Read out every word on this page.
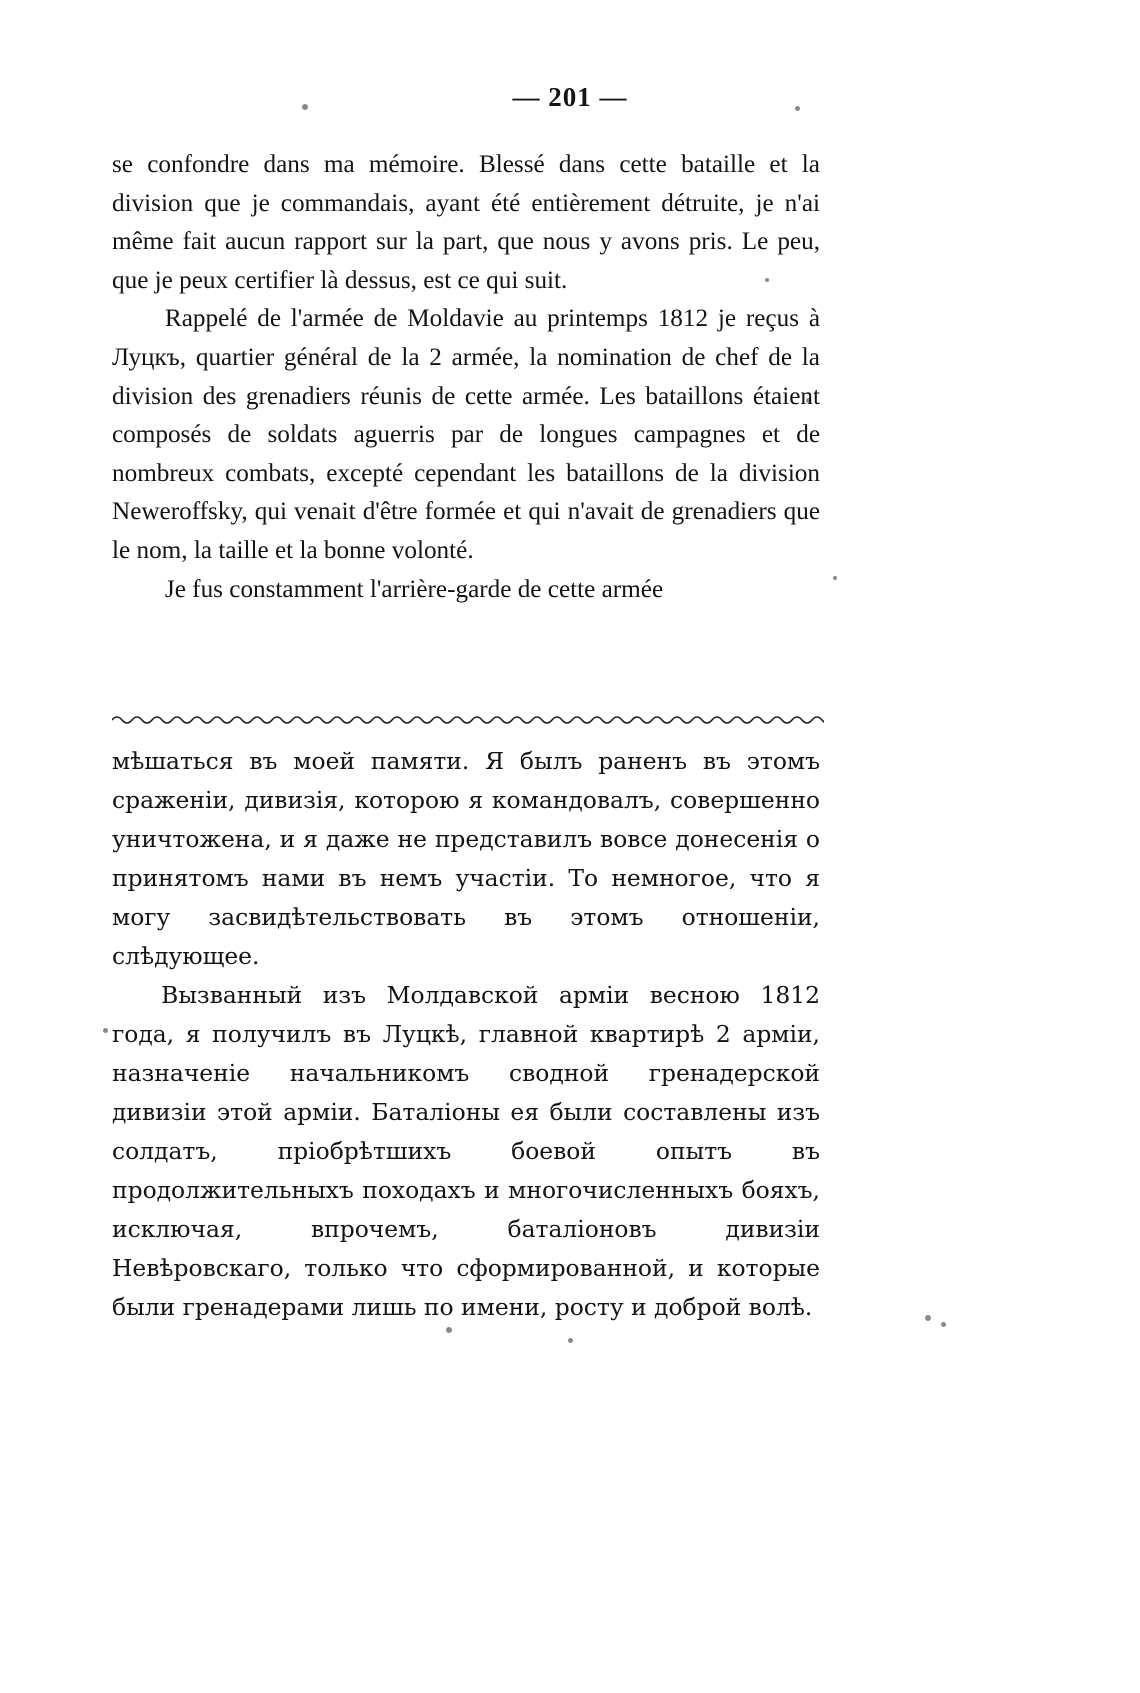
— 201 —

se confondre dans ma mémoire. Blessé dans cette bataille et la division que je commandais, ayant été entièrement détruite, je n'ai même fait aucun rapport sur la part, que nous y avons pris. Le peu, que je peux certifier là dessus, est ce qui suit.

Rappelé de l'armée de Moldavie au printemps 1812 je reçus à Луцкъ, quartier général de la 2 armée, la nomination de chef de la division des grenadiers réunis de cette armée. Les bataillons étaient composés de soldats aguerris par de longues campagnes et de nombreux combats, excepté cependant les bataillons de la division Neweroffsky, qui venait d'être formée et qui n'avait de grenadiers que le nom, la taille et la bonne volonté.

Je fus constamment l'arrière-garde de cette armée

мѣшаться въ моей памяти. Я былъ раненъ въ этомъ сраженіи, дивизія, которою я командовалъ, совершенно уничтожена, и я даже не представилъ вовсе донесенія о принятомъ нами въ немъ участіи. То немногое, что я могу засвидѣтельствовать въ этомъ отношеніи, слѣдующее.

Вызванный изъ Молдавской арміи весною 1812 года, я получилъ въ Луцкѣ, главной квартирѣ 2 арміи, назначеніе начальникомъ сводной гренадерской дивизіи этой арміи. Баталіоны ея были составлены изъ солдатъ, пріобрѣтшихъ боевой опытъ въ продолжительныхъ походахъ и многочисленныхъ бояхъ, исключая, впрочемъ, баталіоновъ дивизіи Невѣровскаго, только что сформированной, и которые были гренадерами лишь по имени, росту и доброй волѣ.
